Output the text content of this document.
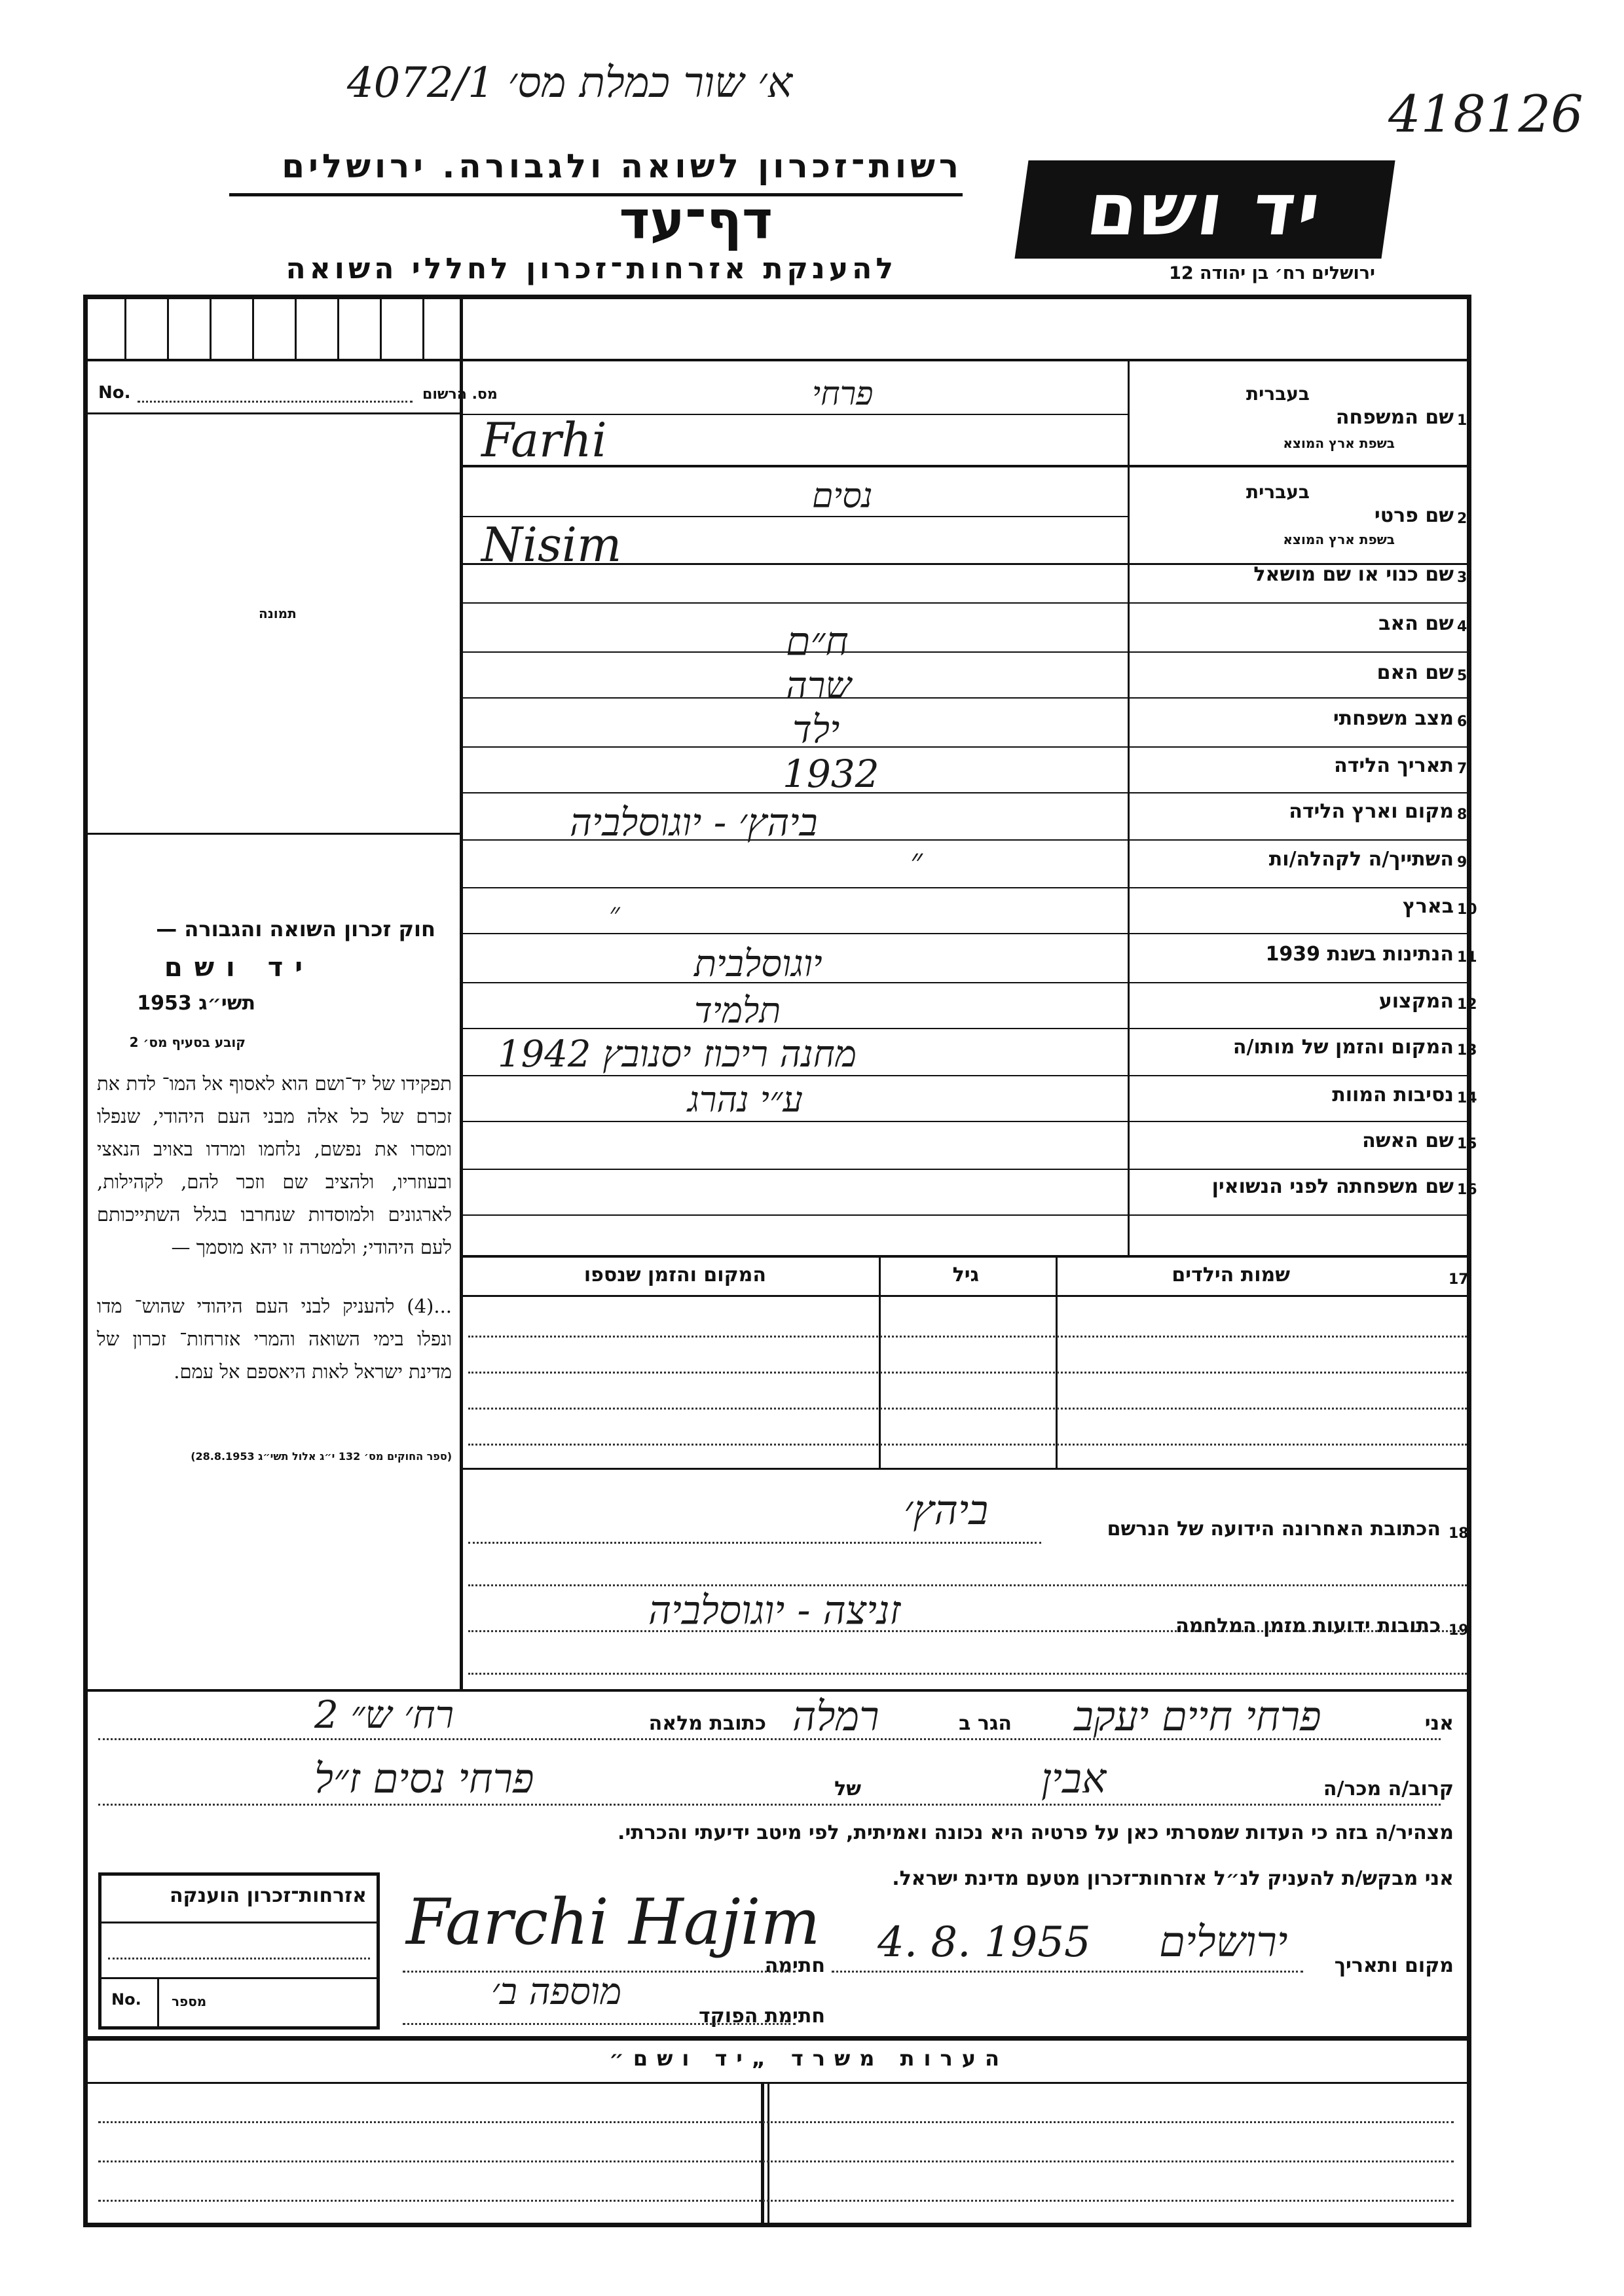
4072/1 א׳ שור כמלת מס׳
418126
רשות־זכרון לשואה ולגבורה. ירושלים
דף־עד
להענקת אזרחות־זכרון לחללי השואה
יד ושם
ירושלים רח׳ בן יהודה 12
מס. הרשום
No.
תמונה
חוק זכרון השואה והגבורה —
יד ושם
תשי״ג 1953
קובע בסעיף מס׳ 2
תפקידו של יד־ושם הוא לאסוף אל המו־ לדת את זכרם של כל אלה מבני העם היהודי, שנפלו ומסרו את נפשם, נלחמו ומרדו באויב הנאצי ובעוזריו, ולהציב שם וזכר להם, לקהילות, לארגונים ולמוסדות שנחרבו בגלל השתייכותם לעם היהודי; ולמטרה זו יהא מוסמך —
...(4) להעניק לבני העם היהודי שהוש־ מדו ונפלו בימי השואה והמרי אזרחות־ זכרון של מדינת ישראל לאות היאספם אל עמם.
(ספר החוקים מס׳ 132 י״ג אלול תשי״ג 28.8.1953)
פרחי
Farhi
בעברית
בשפת ארץ המוצא
שם המשפחה 1
נסים
Nisim
בעברית
בשפת ארץ המוצא
שם פרטי 2
שם כנוי או שם מושאל 3
שם האב 4
ח״ם
שם האם 5
שרה
מצב משפחתי 6
ילד
תאריך הלידה 7
1932
מקום וארץ הלידה 8
ביהץ׳ - יוגוסלביה
השתייך/ה לקהלה/ות 9
״
בארץ 10
״
הנתינות בשנת 1939 11
יוגוסלבית
המקצוע 12
תלמיד
המקום והזמן של מותו/ה 13
מחנה ריכוז יסנובץ 1942
נסיבות המוות 14
ע״י נהרג
שם האשה 15
שם משפחתה לפני הנשואין 16
17
שמות הילדים
גיל
המקום והזמן שנספו
18
הכתובת האחרונה הידועה של הנרשם
ביהץ׳
19
כתובות ידועות מזמן המלחמה
זניצה - יוגוסלביה
אני
פרחי חיים יעקב
הגר ב
רמלה
כתובת מלאה
רח׳ ש״ 2
קרוב/ה מכר/ה
אבין
של
פרחי נסים ז״ל
מצהיר/ה בזה כי העדות שמסרתי כאן על פרטיה היא נכונה ואמיתית, לפי מיטב ידיעתי והכרתי.
אני מבקש/ת להעניק לנ״ל אזרחות־זכרון מטעם מדינת ישראל.
מקום ותאריך
ירושלים
4. 8. 1955
חתימה
Farchi Hajim
חתימת הפוקד
מוספה ב׳
אזרחות־זכרון הוענקה
No. מספר
הערות משרד „יד ושם״
